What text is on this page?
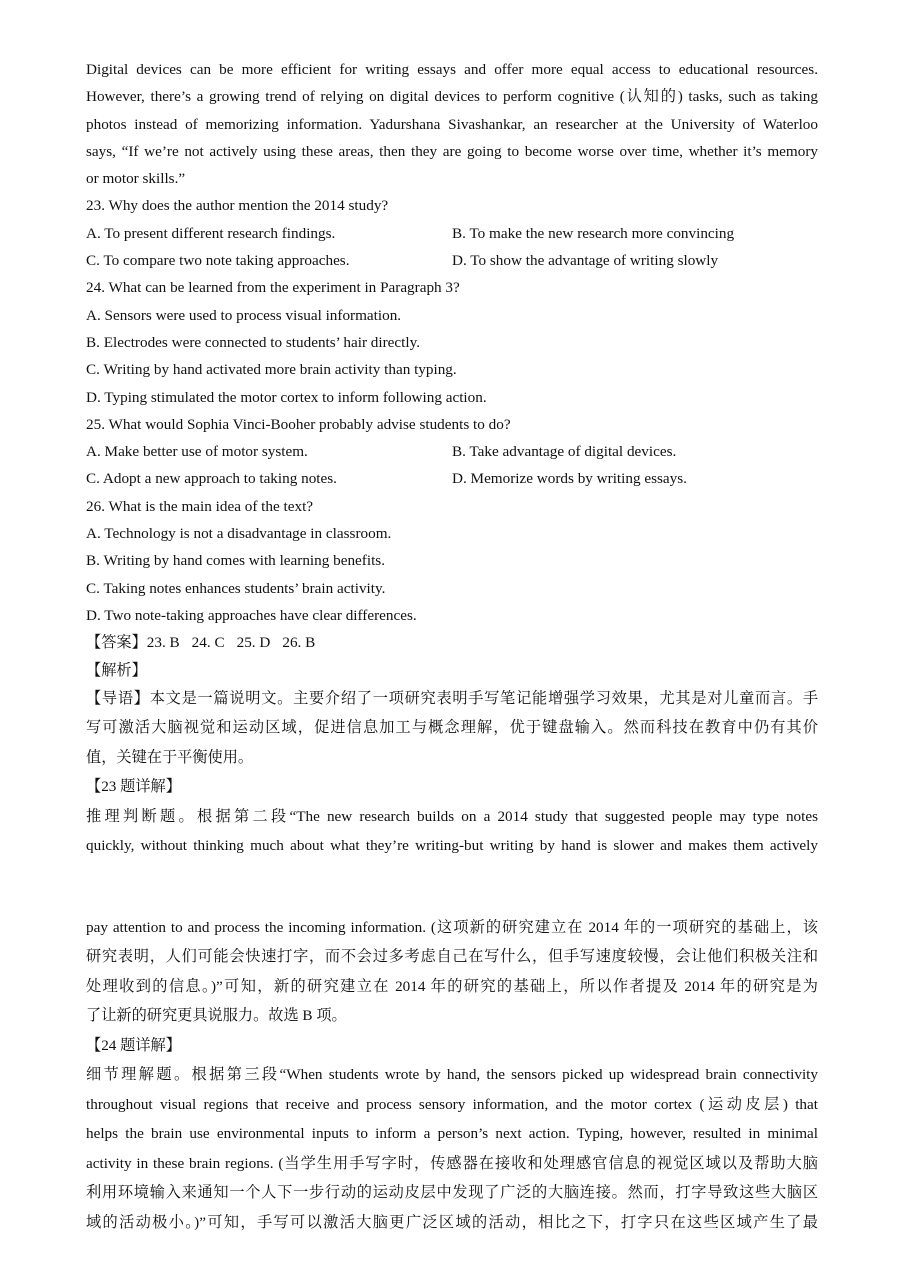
Digital devices can be more efficient for writing essays and offer more equal access to educational resources.
However, there’s a growing trend of relying on digital devices to perform cognitive (认知的) tasks, such as taking
photos instead of memorizing information. Yadurshana Sivashankar, an researcher at the University of Waterloo
says, “If we’re not actively using these areas, then they are going to become worse over time, whether it’s memory
or motor skills.”
23. Why does the author mention the 2014 study?
A. To present different research findings.	B. To make the new research more convincing
C. To compare two note taking approaches.	D. To show the advantage of writing slowly
24. What can be learned from the experiment in Paragraph 3?
A. Sensors were used to process visual information.
B. Electrodes were connected to students’ hair directly.
C. Writing by hand activated more brain activity than typing.
D. Typing stimulated the motor cortex to inform following action.
25. What would Sophia Vinci-Booher probably advise students to do?
A. Make better use of motor system.	B. Take advantage of digital devices.
C. Adopt a new approach to taking notes.	D. Memorize words by writing essays.
26. What is the main idea of the text?
A. Technology is not a disadvantage in classroom.
B. Writing by hand comes with learning benefits.
C. Taking notes enhances students’ brain activity.
D. Two note-taking approaches have clear differences.
【答案】23. B 24. C 25. D 26. B
【解析】
【导语】本文是一篇说明文。主要介绍了一项研究表明手写笔记能增强学习效果，尤其是对儿童而言。手
写可激活大脑视觉和运动区域，促进信息加工与概念理解，优于键盘输入。然而科技在教育中仍有其价
值，关键在于平衡使用。
【23 题详解】
推理判断题。根据第二段“The new research builds on a 2014 study that suggested people may type notes
quickly, without thinking much about what they’re writing-but writing by hand is slower and makes them actively
pay attention to and process the incoming information. (这项新的研究建立在 2014 年的一项研究的基础上，该
研究表明，人们可能会快速打字，而不会过多考虑自己在写什么，但手写速度较慢，会让他们积极关注和
处理收到的信息。)”可知，新的研究建立在 2014 年的研究的基础上，所以作者提及 2014 年的研究是为
了让新的研究更具说服力。故选 B 项。
【24 题详解】
细节理解题。根据第三段“When students wrote by hand, the sensors picked up widespread brain connectivity
throughout visual regions that receive and process sensory information, and the motor cortex (运动皮层) that
helps the brain use environmental inputs to inform a person’s next action. Typing, however, resulted in minimal
activity in these brain regions. (当学生用手写字时，传感器在接收和处理感官信息的视觉区域以及帮助大脑
利用环境输入来通知一个人下一步行动的运动皮层中发现了广泛的大脑连接。然而，打字导致这些大脑区
域的活动极小。)”可知，手写可以激活大脑更广泛区域的活动，相比之下，打字只在这些区域产生了最
